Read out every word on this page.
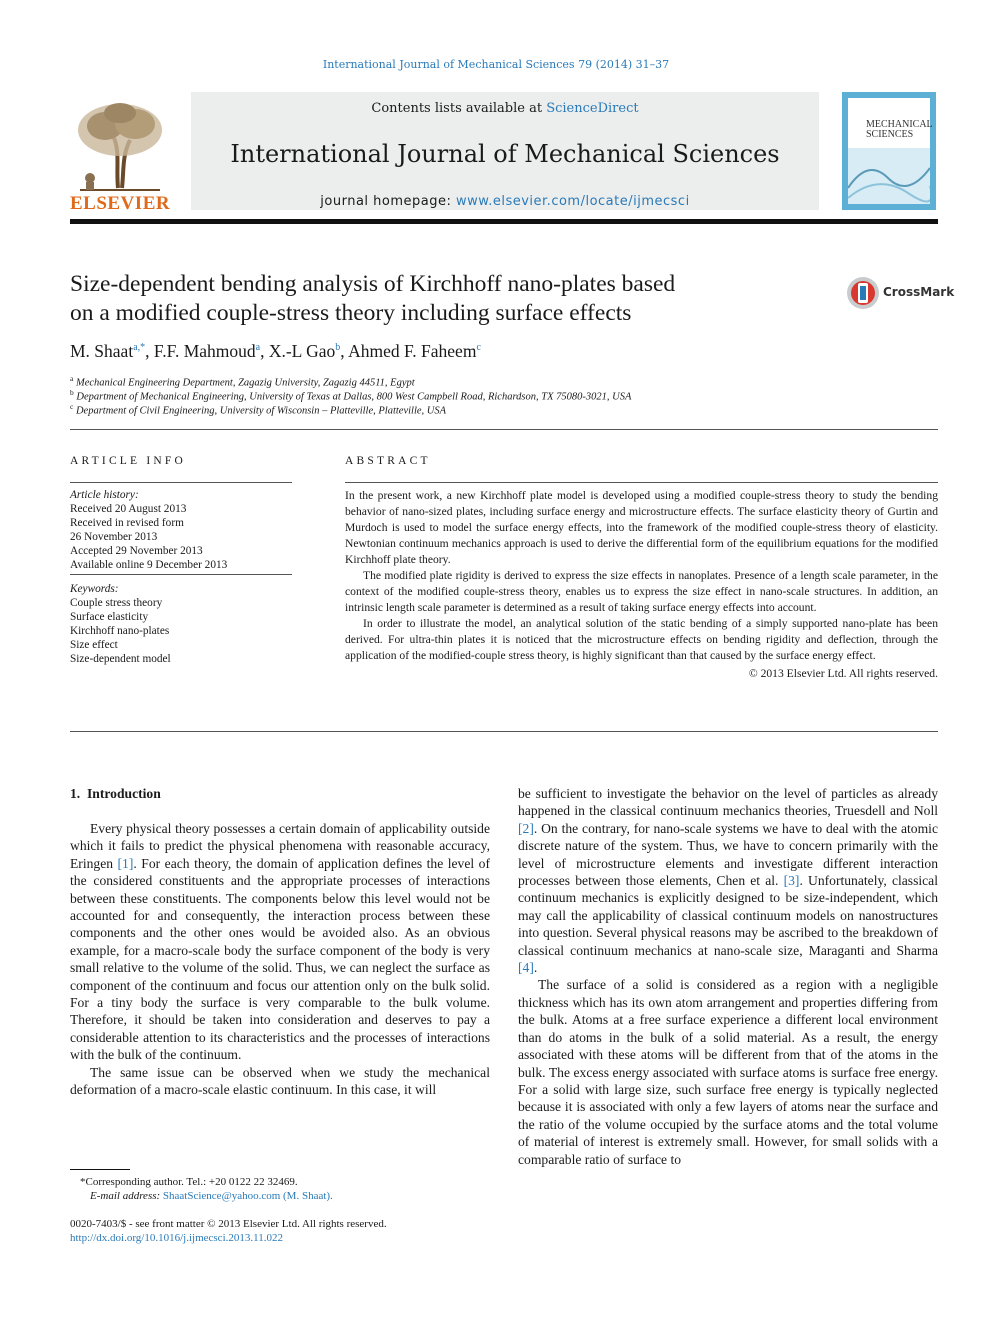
International Journal of Mechanical Sciences 79 (2014) 31–37
ELSEVIER
Contents lists available at ScienceDirect
International Journal of Mechanical Sciences
journal homepage: www.elsevier.com/locate/ijmecsci
MECHANICAL SCIENCES
Size-dependent bending analysis of Kirchhoff nano-plates based
on a modified couple-stress theory including surface effects
CrossMark
M. Shaat$^{a,*}$, F.F. Mahmoud$^a$, X.-L Gao$^b$, Ahmed F. Faheem$^c$
$^a$ Mechanical Engineering Department, Zagazig University, Zagazig 44511, Egypt
$^b$ Department of Mechanical Engineering, University of Texas at Dallas, 800 West Campbell Road, Richardson, TX 75080-3021, USA
$^c$ Department of Civil Engineering, University of Wisconsin – Platteville, Platteville, USA
ARTICLE INFO
Article history:
Received 20 August 2013
Received in revised form
26 November 2013
Accepted 29 November 2013
Available online 9 December 2013
Keywords:
Couple stress theory
Surface elasticity
Kirchhoff nano-plates
Size effect
Size-dependent model
ABSTRACT

In the present work, a new Kirchhoff plate model is developed using a modified couple-stress theory to study the bending behavior of nano-sized plates, including surface energy and microstructure effects. The surface elasticity theory of Gurtin and Murdoch is used to model the surface energy effects, into the framework of the modified couple-stress theory of elasticity. Newtonian continuum mechanics approach is used to derive the differential form of the equilibrium equations for the modified Kirchhoff plate theory.

The modified plate rigidity is derived to express the size effects in nanoplates. Presence of a length scale parameter, in the context of the modified couple-stress theory, enables us to express the size effect in nano-scale structures. In addition, an intrinsic length scale parameter is determined as a result of taking surface energy effects into account.

In order to illustrate the model, an analytical solution of the static bending of a simply supported nano-plate has been derived. For ultra-thin plates it is noticed that the microstructure effects on bending rigidity and deflection, through the application of the modified-couple stress theory, is highly significant than that caused by the surface energy effect.

© 2013 Elsevier Ltd. All rights reserved.
1. Introduction

Every physical theory possesses a certain domain of applicability outside which it fails to predict the physical phenomena with reasonable accuracy, Eringen [1]. For each theory, the domain of application defines the level of the considered constituents and the appropriate processes of interactions between these constituents. The components below this level would not be accounted for and consequently, the interaction process between these components and the other ones would be avoided also. As an obvious example, for a macro-scale body the surface component of the body is very small relative to the volume of the solid. Thus, we can neglect the surface as component of the continuum and focus our attention only on the bulk solid. For a tiny body the surface is very comparable to the bulk volume. Therefore, it should be taken into consideration and deserves to pay a considerable attention to its characteristics and the processes of interactions with the bulk of the continuum.

The same issue can be observed when we study the mechanical deformation of a macro-scale elastic continuum. In this case, it will

be sufficient to investigate the behavior on the level of particles as already happened in the classical continuum mechanics theories, Truesdell and Noll [2]. On the contrary, for nano-scale systems we have to deal with the atomic discrete nature of the system. Thus, we have to concern primarily with the level of microstructure elements and investigate different interaction processes between those elements, Chen et al. [3]. Unfortunately, classical continuum mechanics is explicitly designed to be size-independent, which may call the applicability of classical continuum models on nanostructures into question. Several physical reasons may be ascribed to the breakdown of classical continuum mechanics at nano-scale size, Maraganti and Sharma [4].

The surface of a solid is considered as a region with a negligible thickness which has its own atom arrangement and properties differing from the bulk. Atoms at a free surface experience a different local environment than do atoms in the bulk of a solid material. As a result, the energy associated with these atoms will be different from that of the atoms in the bulk. The excess energy associated with surface atoms is surface free energy. For a solid with large size, such surface free energy is typically neglected because it is associated with only a few layers of atoms near the surface and the ratio of the volume occupied by the surface atoms and the total volume of material of interest is extremely small. However, for small solids with a comparable ratio of surface to

*Corresponding author. Tel.: +20 0122 22 32469.
E-mail address: ShaatScience@yahoo.com (M. Shaat).
0020-7403/$ - see front matter © 2013 Elsevier Ltd. All rights reserved.
http://dx.doi.org/10.1016/j.ijmecsci.2013.11.022
